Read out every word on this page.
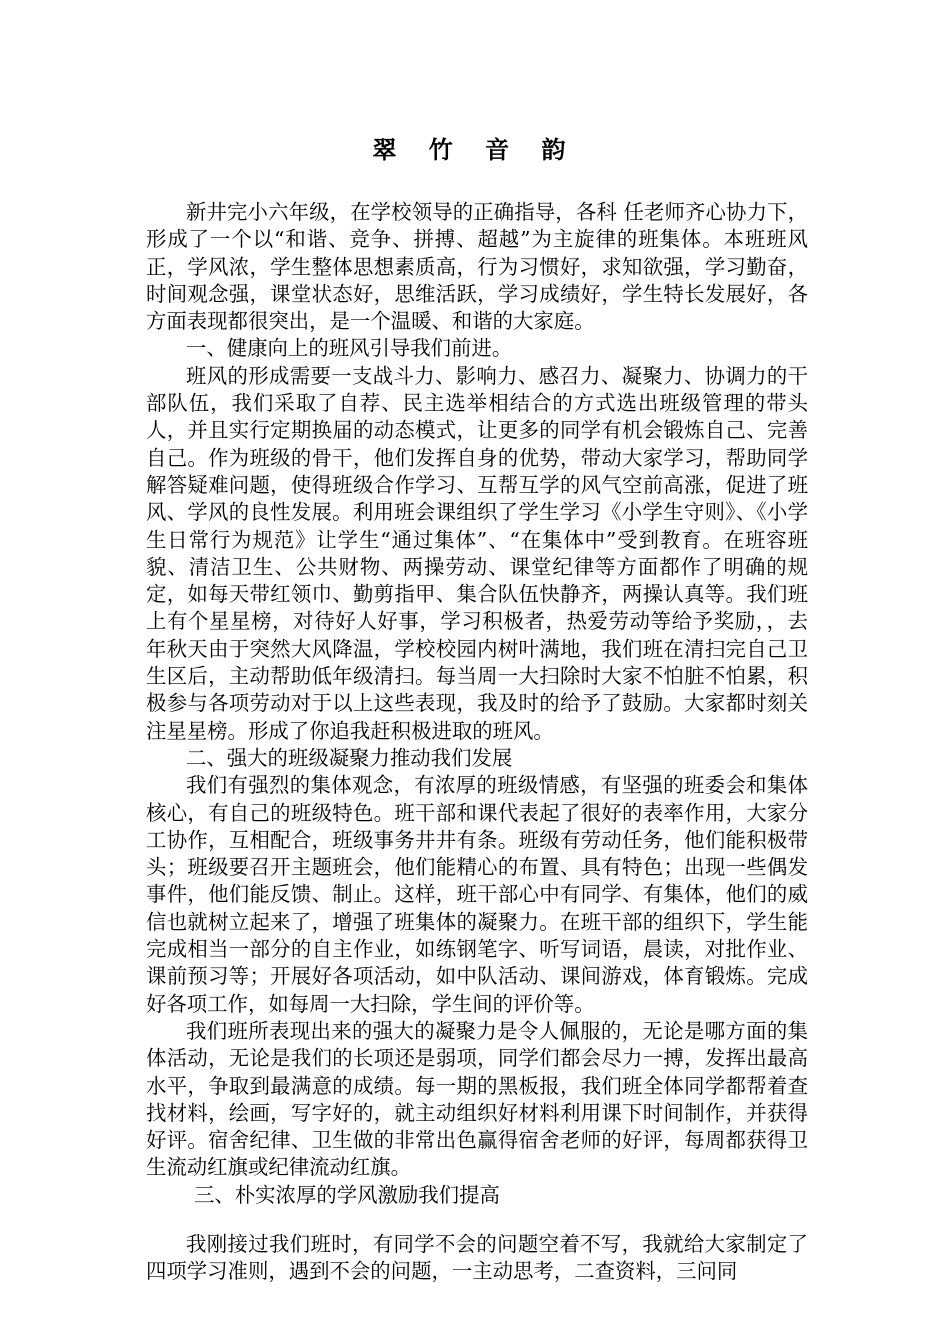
翠 竹 音 韵

新井完小六年级，在学校领导的正确指导，各科 任老师齐心协力下，形成了一个以“和谐、竞争、拼搏、超越”为主旋律的班集体。本班班风正，学风浓，学生整体思想素质高，行为习惯好，求知欲强，学习勤奋，时间观念强，课堂状态好，思维活跃，学习成绩好，学生特长发展好，各方面表现都很突出，是一个温暖、和谐的大家庭。

一、健康向上的班风引导我们前进。

班风的形成需要一支战斗力、影响力、感召力、凝聚力、协调力的干部队伍，我们采取了自荐、民主选举相结合的方式选出班级管理的带头人，并且实行定期换届的动态模式，让更多的同学有机会锻炼自己、完善自己。作为班级的骨干，他们发挥自身的优势，带动大家学习，帮助同学解答疑难问题，使得班级合作学习、互帮互学的风气空前高涨，促进了班风、学风的良性发展。利用班会课组织了学生学习《小学生守则》、《小学生日常行为规范》让学生“通过集体”、“在集体中”受到教育。在班容班貌、清洁卫生、公共财物、两操劳动、课堂纪律等方面都作了明确的规定，如每天带红领巾、勤剪指甲、集合队伍快静齐，两操认真等。我们班上有个星星榜，对待好人好事，学习积极者，热爱劳动等给予奖励，，去年秋天由于突然大风降温，学校校园内树叶满地，我们班在清扫完自己卫生区后，主动帮助低年级清扫。每当周一大扫除时大家不怕脏不怕累，积极参与各项劳动对于以上这些表现，我及时的给予了鼓励。大家都时刻关注星星榜。形成了你追我赶积极进取的班风。

二、强大的班级凝聚力推动我们发展

我们有强烈的集体观念，有浓厚的班级情感，有坚强的班委会和集体核心，有自己的班级特色。班干部和课代表起了很好的表率作用，大家分工协作，互相配合，班级事务井井有条。班级有劳动任务，他们能积极带头；班级要召开主题班会，他们能精心的布置、具有特色；出现一些偶发事件，他们能反馈、制止。这样，班干部心中有同学、有集体，他们的威信也就树立起来了，增强了班集体的凝聚力。在班干部的组织下，学生能完成相当一部分的自主作业，如练钢笔字、听写词语，晨读，对批作业、课前预习等；开展好各项活动，如中队活动、课间游戏，体育锻炼。完成好各项工作，如每周一大扫除，学生间的评价等。

我们班所表现出来的强大的凝聚力是令人佩服的，无论是哪方面的集体活动，无论是我们的长项还是弱项，同学们都会尽力一搏，发挥出最高水平，争取到最满意的成绩。每一期的黑板报，我们班全体同学都帮着查找材料，绘画，写字好的，就主动组织好材料利用课下时间制作，并获得好评。宿舍纪律、卫生做的非常出色赢得宿舍老师的好评，每周都获得卫生流动红旗或纪律流动红旗。

三、朴实浓厚的学风激励我们提高

我刚接过我们班时，有同学不会的问题空着不写，我就给大家制定了四项学习准则，遇到不会的问题，一主动思考，二查资料，三问同
